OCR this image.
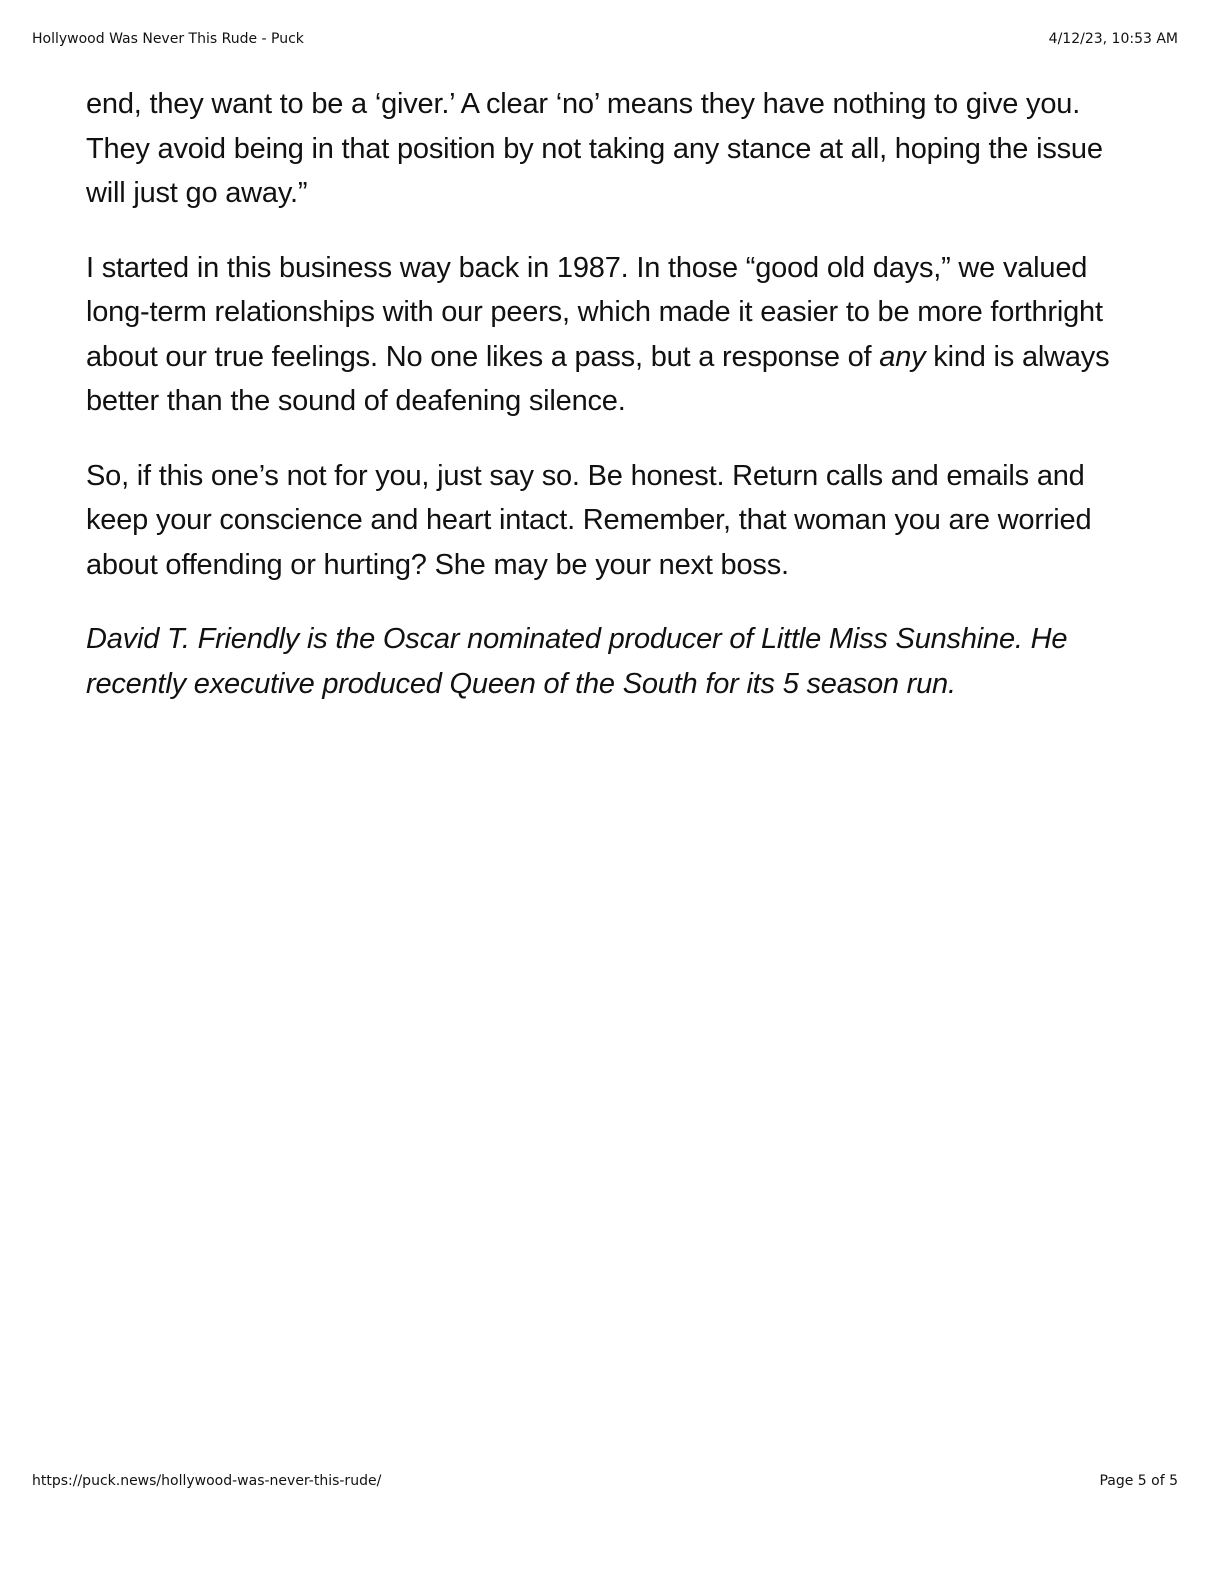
Hollywood Was Never This Rude - Puck	4/12/23, 10:53 AM

end, they want to be a ‘giver.’ A clear ‘no’ means they have nothing to give you. They avoid being in that position by not taking any stance at all, hoping the issue will just go away.”

I started in this business way back in 1987. In those “good old days,” we valued long-term relationships with our peers, which made it easier to be more forthright about our true feelings. No one likes a pass, but a response of any kind is always better than the sound of deafening silence.

So, if this one’s not for you, just say so. Be honest. Return calls and emails and keep your conscience and heart intact. Remember, that woman you are worried about offending or hurting? She may be your next boss.

David T. Friendly is the Oscar nominated producer of Little Miss Sunshine. He recently executive produced Queen of the South for its 5 season run.

https://puck.news/hollywood-was-never-this-rude/	Page 5 of 5
